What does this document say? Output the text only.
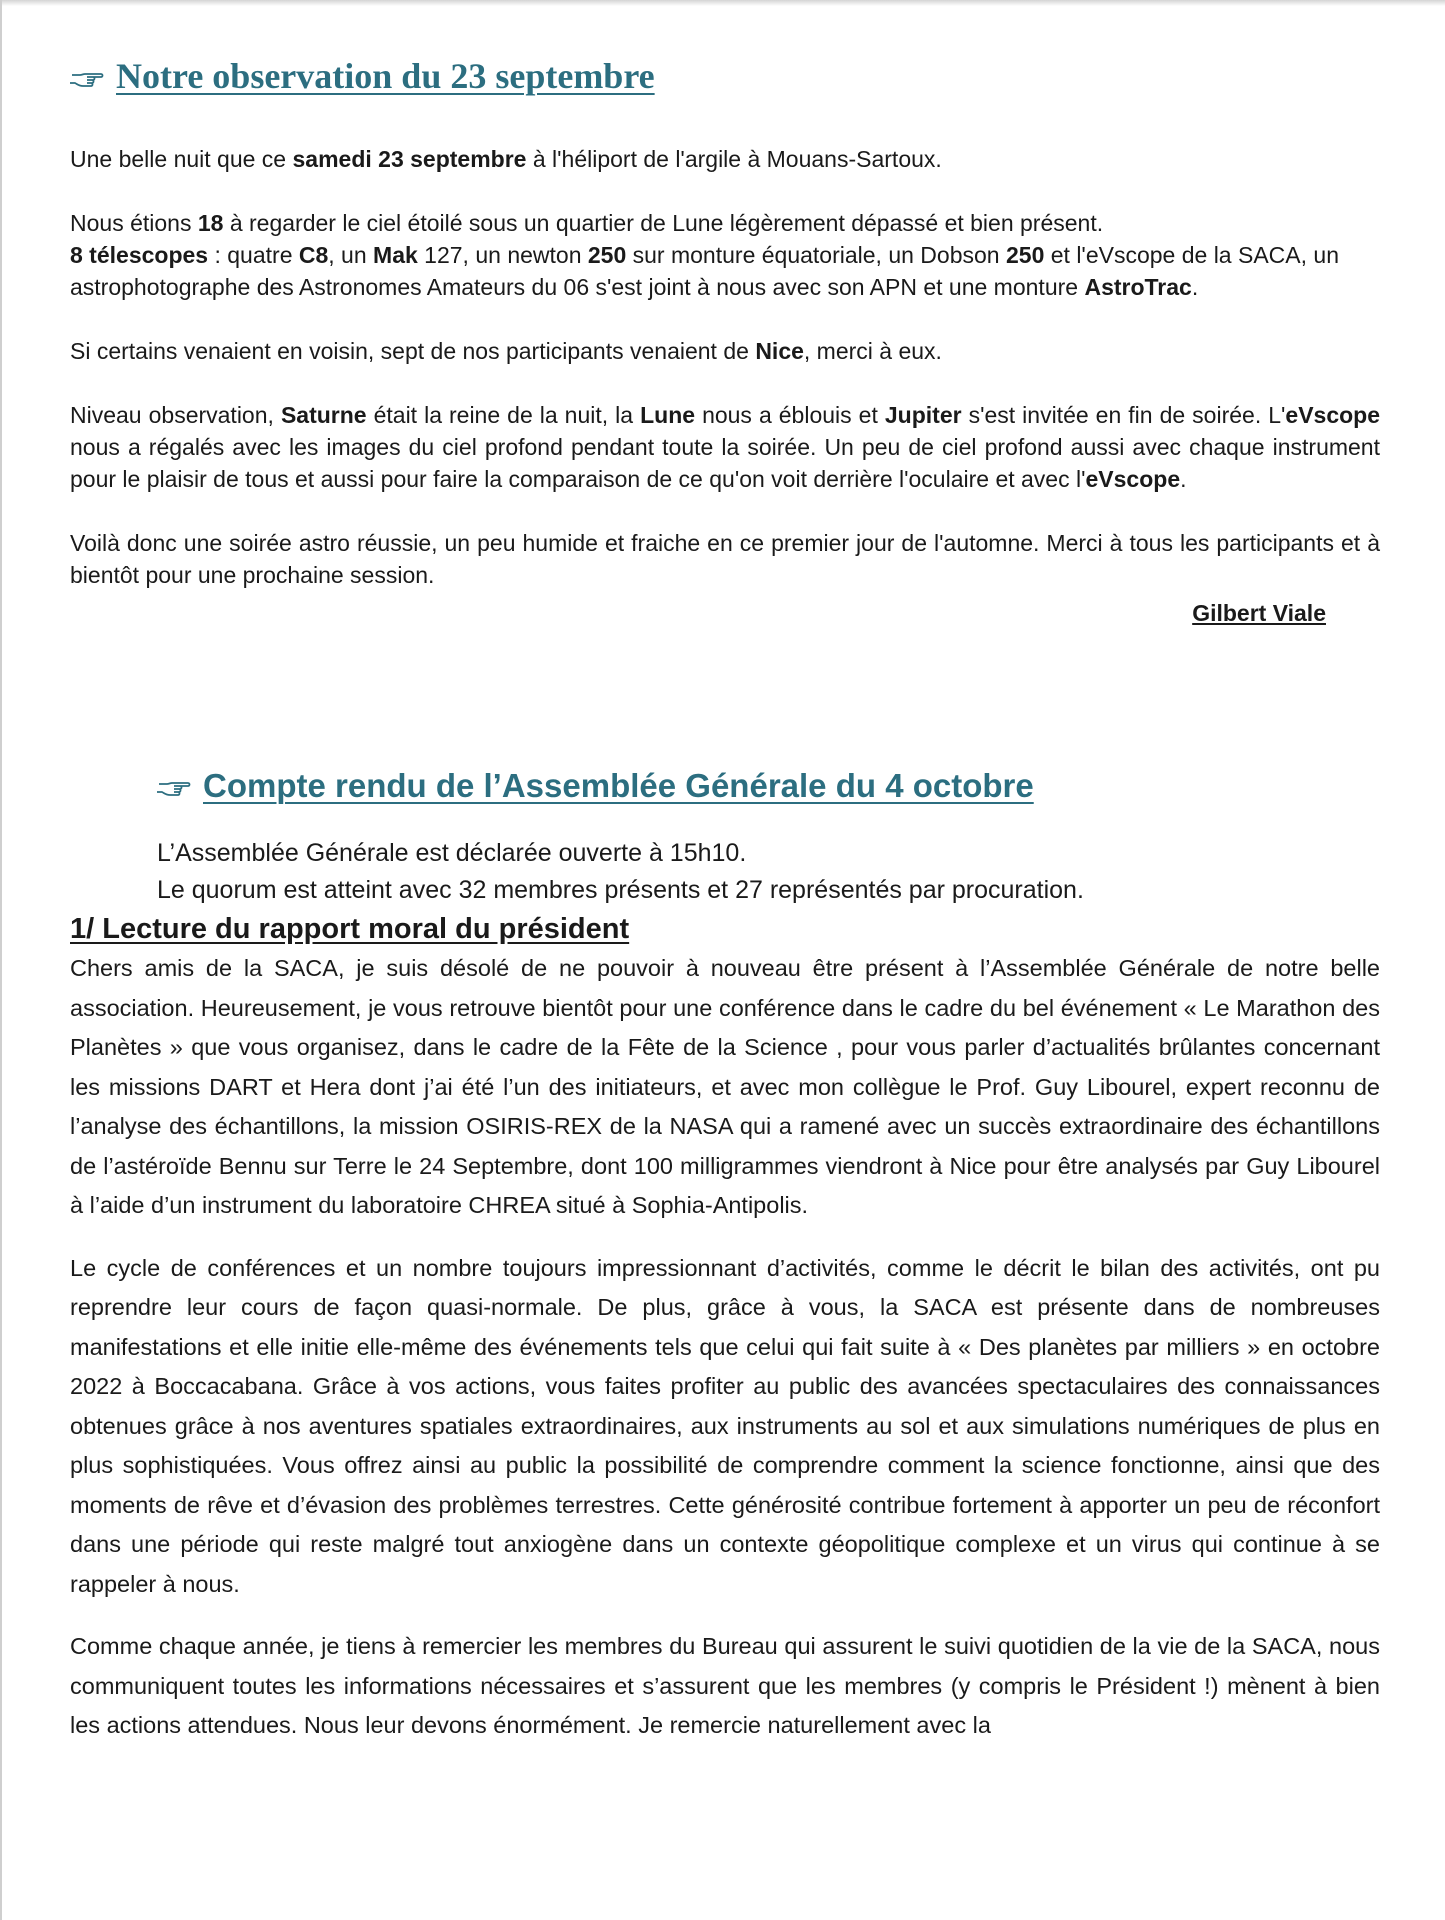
Notre observation du 23 septembre

Une belle nuit que ce samedi 23 septembre à l'héliport de l'argile à Mouans-Sartoux.

Nous étions 18 à regarder le ciel étoilé sous un quartier de Lune légèrement dépassé et bien présent.
8 télescopes : quatre C8, un Mak 127, un newton 250 sur monture équatoriale, un Dobson 250 et l'eVscope de la SACA, un astrophotographe des Astronomes Amateurs du 06 s'est joint à nous avec son APN et une monture AstroTrac.

Si certains venaient en voisin, sept de nos participants venaient de Nice, merci à eux.

Niveau observation, Saturne était la reine de la nuit, la Lune nous a éblouis et Jupiter s'est invitée en fin de soirée. L'eVscope nous a régalés avec les images du ciel profond pendant toute la soirée. Un peu de ciel profond aussi avec chaque instrument pour le plaisir de tous et aussi pour faire la comparaison de ce qu'on voit derrière l'oculaire et avec l'eVscope.

Voilà donc une soirée astro réussie, un peu humide et fraiche en ce premier jour de l'automne. Merci à tous les participants et à bientôt pour une prochaine session.

Gilbert Viale
Compte rendu de l’Assemblée Générale du 4 octobre

L’Assemblée Générale est déclarée ouverte à 15h10.

Le quorum est atteint avec 32 membres présents et 27 représentés par procuration.

1/ Lecture du rapport moral du président

Chers amis de la SACA, je suis désolé de ne pouvoir à nouveau être présent à l’Assemblée Générale de notre belle association. Heureusement, je vous retrouve bientôt pour une conférence dans le cadre du bel événement « Le Marathon des Planètes » que vous organisez, dans le cadre de la Fête de la Science , pour vous parler d’actualités brûlantes concernant les missions DART et Hera dont j’ai été l’un des initiateurs, et avec mon collègue le Prof. Guy Libourel, expert reconnu de l’analyse des échantillons, la mission OSIRIS-REX de la NASA qui a ramené avec un succès extraordinaire des échantillons de l’astéroïde Bennu sur Terre le 24 Septembre, dont 100 milligrammes viendront à Nice pour être analysés par Guy Libourel à l’aide d’un instrument du laboratoire CHREA situé à Sophia-Antipolis.

Le cycle de conférences et un nombre toujours impressionnant d’activités, comme le décrit le bilan des activités, ont pu reprendre leur cours de façon quasi-normale. De plus, grâce à vous, la SACA est présente dans de nombreuses manifestations et elle initie elle-même des événements tels que celui qui fait suite à « Des planètes par milliers » en octobre 2022 à Boccacabana. Grâce à vos actions, vous faites profiter au public des avancées spectaculaires des connaissances obtenues grâce à nos aventures spatiales extraordinaires, aux instruments au sol et aux simulations numériques de plus en plus sophistiquées. Vous offrez ainsi au public la possibilité de comprendre comment la science fonctionne, ainsi que des moments de rêve et d’évasion des problèmes terrestres. Cette générosité contribue fortement à apporter un peu de réconfort dans une période qui reste malgré tout anxiogène dans un contexte géopolitique complexe et un virus qui continue à se rappeler à nous.

Comme chaque année, je tiens à remercier les membres du Bureau qui assurent le suivi quotidien de la vie de la SACA, nous communiquent toutes les informations nécessaires et s’assurent que les membres (y compris le Président !) mènent à bien les actions attendues. Nous leur devons énormément. Je remercie naturellement avec la
